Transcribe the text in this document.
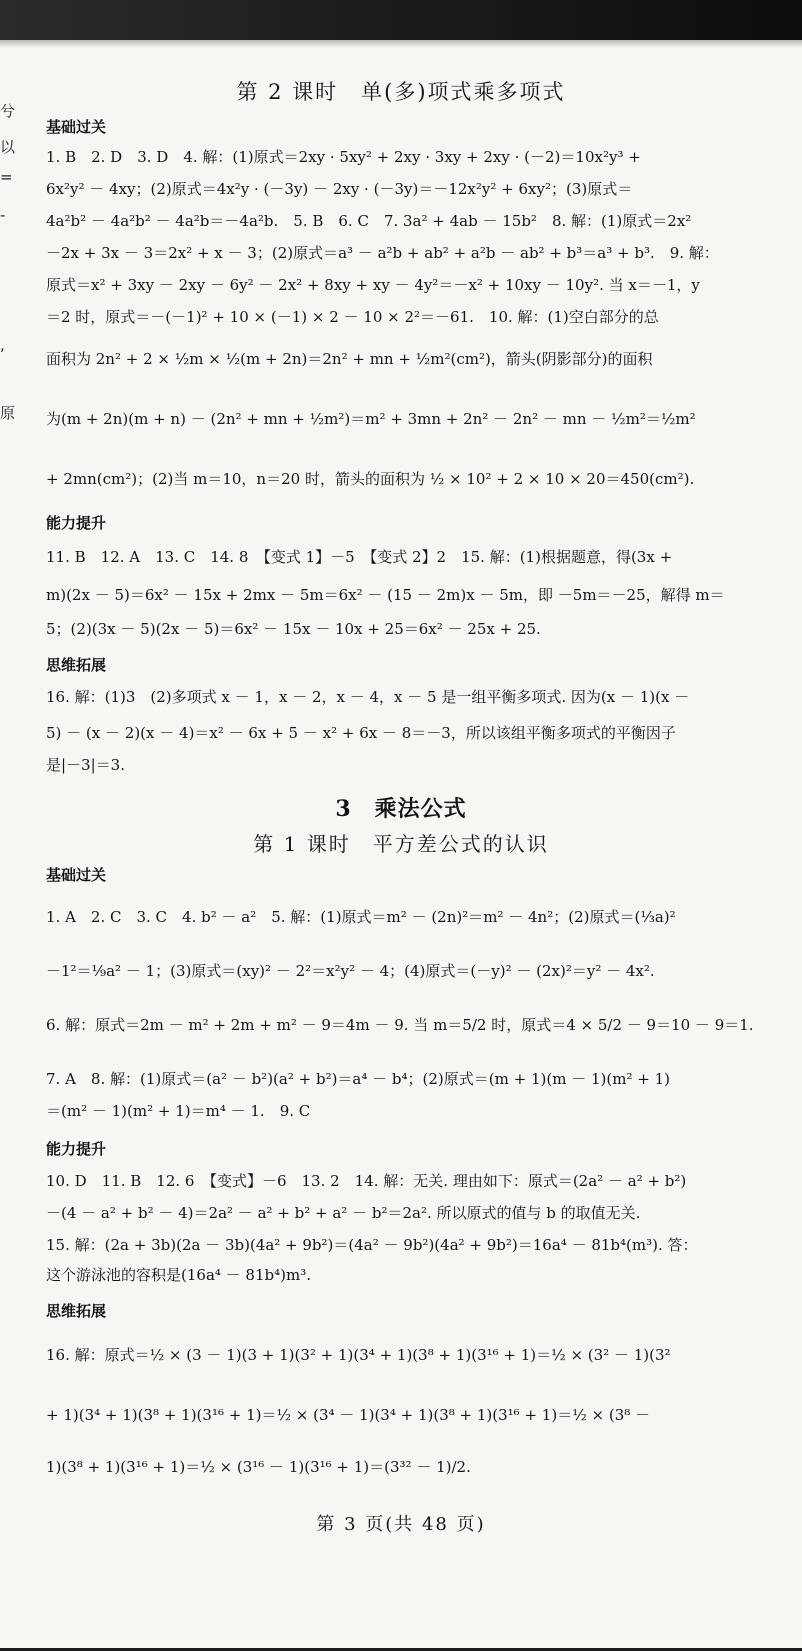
兮
以
=
-
,
原
第 2 课时　单(多)项式乘多项式
基础过关
1. B　2. D　3. D　4. 解：(1)原式＝2xy · 5xy² + 2xy · 3xy + 2xy · (－2)＝10x²y³ +
6x²y² － 4xy；(2)原式＝4x²y · (－3y) － 2xy · (－3y)＝－12x²y² + 6xy²；(3)原式＝
4a²b² － 4a²b² － 4a²b＝－4a²b.　5. B　6. C　7. 3a² + 4ab － 15b²　8. 解：(1)原式＝2x²
－2x + 3x － 3＝2x² + x － 3；(2)原式＝a³ － a²b + ab² + a²b － ab² + b³＝a³ + b³.　9. 解：
原式＝x² + 3xy － 2xy － 6y² － 2x² + 8xy + xy － 4y²＝－x² + 10xy － 10y². 当 x＝－1，y
＝2 时，原式＝－(－1)² + 10 × (－1) × 2 － 10 × 2²＝－61.　10. 解：(1)空白部分的总
面积为 2n² + 2 × ½m × ½(m + 2n)＝2n² + mn + ½m²(cm²)，箭头(阴影部分)的面积
为(m + 2n)(m + n) － (2n² + mn + ½m²)＝m² + 3mn + 2n² － 2n² － mn － ½m²＝½m²
+ 2mn(cm²)；(2)当 m＝10，n＝20 时，箭头的面积为 ½ × 10² + 2 × 10 × 20＝450(cm²).
能力提升
11. B　12. A　13. C　14. 8　【变式 1】－5　【变式 2】2　15. 解：(1)根据题意，得(3x +
m)(2x － 5)＝6x² － 15x + 2mx － 5m＝6x² － (15 － 2m)x － 5m，即 －5m＝－25，解得 m＝
5；(2)(3x － 5)(2x － 5)＝6x² － 15x － 10x + 25＝6x² － 25x + 25.
思维拓展
16. 解：(1)3　(2)多项式 x － 1，x － 2，x － 4，x － 5 是一组平衡多项式. 因为(x － 1)(x －
5) － (x － 2)(x － 4)＝x² － 6x + 5 － x² + 6x － 8＝－3，所以该组平衡多项式的平衡因子
是|－3|＝3.
3　乘法公式
第 1 课时　平方差公式的认识
基础过关
1. A　2. C　3. C　4. b² － a²　5. 解：(1)原式＝m² － (2n)²＝m² － 4n²；(2)原式＝(⅓a)²
－1²＝⅑a² － 1；(3)原式＝(xy)² － 2²＝x²y² － 4；(4)原式＝(－y)² － (2x)²＝y² － 4x².
6. 解：原式＝2m － m² + 2m + m² － 9＝4m － 9. 当 m＝5/2 时，原式＝4 × 5/2 － 9＝10 － 9＝1.
7. A　8. 解：(1)原式＝(a² － b²)(a² + b²)＝a⁴ － b⁴；(2)原式＝(m + 1)(m － 1)(m² + 1)
＝(m² － 1)(m² + 1)＝m⁴ － 1.　9. C
能力提升
10. D　11. B　12. 6　【变式】－6　13. 2　14. 解：无关. 理由如下：原式＝(2a² － a² + b²)
－(4 － a² + b² － 4)＝2a² － a² + b² + a² － b²＝2a². 所以原式的值与 b 的取值无关.
15. 解：(2a + 3b)(2a － 3b)(4a² + 9b²)＝(4a² － 9b²)(4a² + 9b²)＝16a⁴ － 81b⁴(m³). 答：
这个游泳池的容积是(16a⁴ － 81b⁴)m³.
思维拓展
16. 解：原式＝½ × (3 － 1)(3 + 1)(3² + 1)(3⁴ + 1)(3⁸ + 1)(3¹⁶ + 1)＝½ × (3² － 1)(3²
+ 1)(3⁴ + 1)(3⁸ + 1)(3¹⁶ + 1)＝½ × (3⁴ － 1)(3⁴ + 1)(3⁸ + 1)(3¹⁶ + 1)＝½ × (3⁸ －
1)(3⁸ + 1)(3¹⁶ + 1)＝½ × (3¹⁶ － 1)(3¹⁶ + 1)＝(3³² － 1)/2.
第 3 页(共 48 页)
